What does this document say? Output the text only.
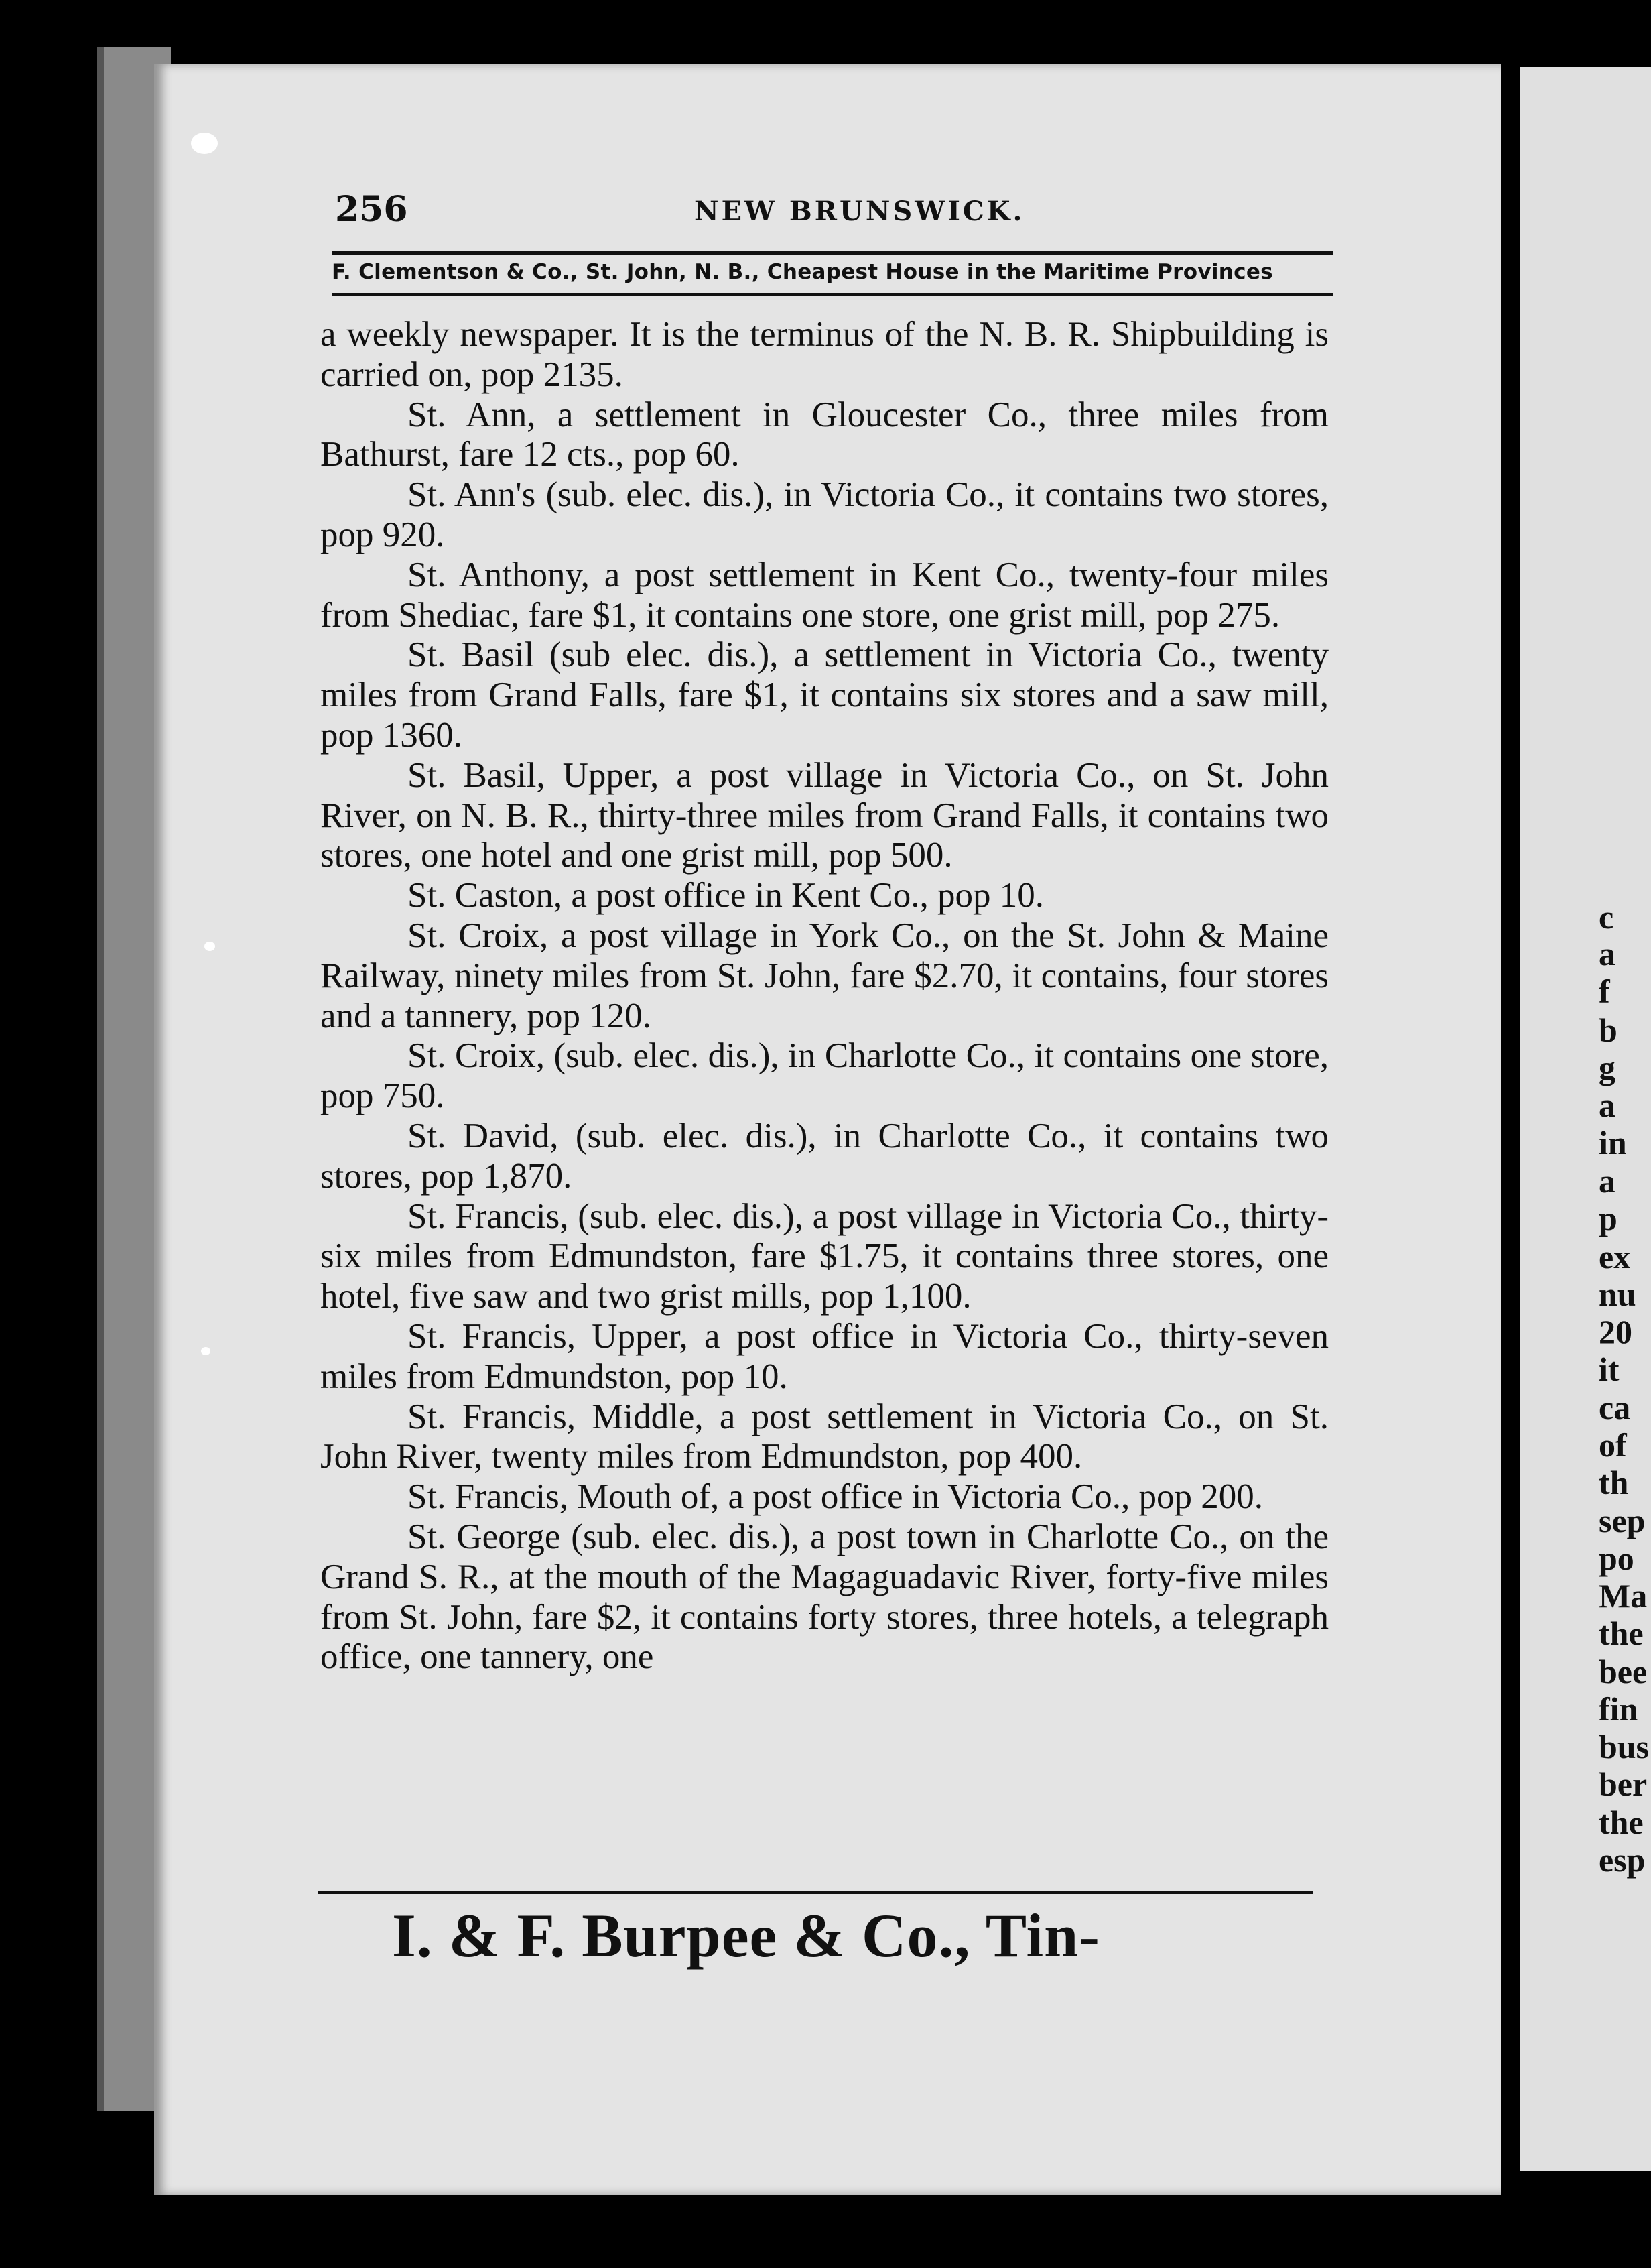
c
a
f
b
g
a
in
a
p
ex
nu
20
it
ca
of
th
sep
po
Ma
the
bee
fin
bus
ber
the
esp
256	NEW BRUNSWICK.
F. Clementson & Co., St. John, N. B., Cheapest House in the Maritime Provinces

a weekly newspaper. It is the terminus of the N. B. R. Shipbuilding is carried on, pop 2135.

St. Ann, a settlement in Gloucester Co., three miles from Bathurst, fare 12 cts., pop 60.

St. Ann's (sub. elec. dis.), in Victoria Co., it contains two stores, pop 920.

St. Anthony, a post settlement in Kent Co., twenty-four miles from Shediac, fare $1, it contains one store, one grist mill, pop 275.

St. Basil (sub elec. dis.), a settlement in Victoria Co., twenty miles from Grand Falls, fare $1, it contains six stores and a saw mill, pop 1360.

St. Basil, Upper, a post village in Victoria Co., on St. John River, on N. B. R., thirty-three miles from Grand Falls, it contains two stores, one hotel and one grist mill, pop 500.

St. Caston, a post office in Kent Co., pop 10.

St. Croix, a post village in York Co., on the St. John & Maine Railway, ninety miles from St. John, fare $2.70, it contains, four stores and a tannery, pop 120.

St. Croix, (sub. elec. dis.), in Charlotte Co., it contains one store, pop 750.

St. David, (sub. elec. dis.), in Charlotte Co., it contains two stores, pop 1,870.

St. Francis, (sub. elec. dis.), a post village in Victoria Co., thirty-six miles from Edmundston, fare $1.75, it contains three stores, one hotel, five saw and two grist mills, pop 1,100.

St. Francis, Upper, a post office in Victoria Co., thirty-seven miles from Edmundston, pop 10.

St. Francis, Middle, a post settlement in Victoria Co., on St. John River, twenty miles from Edmundston, pop 400.

St. Francis, Mouth of, a post office in Victoria Co., pop 200.

St. George (sub. elec. dis.), a post town in Charlotte Co., on the Grand S. R., at the mouth of the Magaguadavic River, forty-five miles from St. John, fare $2, it contains forty stores, three hotels, a telegraph office, one tannery, one

I. & F. Burpee & Co., Tin-
